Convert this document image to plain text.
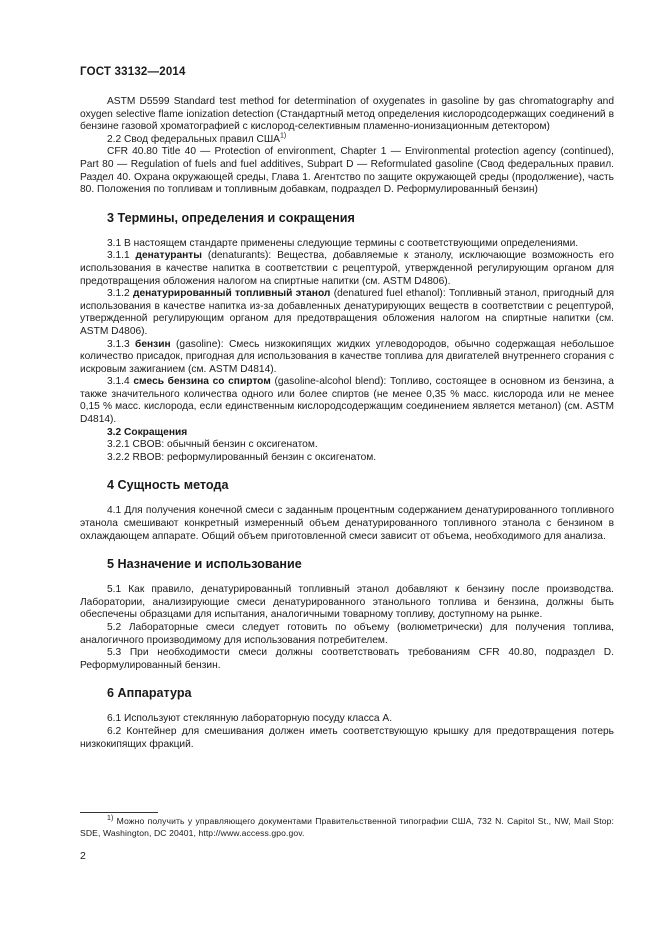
ГОСТ 33132—2014

ASTM D5599 Standard test method for determination of oxygenates in gasoline by gas chromatography and oxygen selective flame ionization detection (Стандартный метод определения кислородсодержащих соединений в бензине газовой хроматографией с кислород-селективным пламенно-ионизационным детектором)

2.2 Свод федеральных правил США$^{1)}$

CFR 40.80 Title 40 — Protection of environment, Chapter 1 — Environmental protection agency (continued), Part 80 — Regulation of fuels and fuel additives, Subpart D — Reformulated gasoline (Свод федеральных правил. Раздел 40. Охрана окружающей среды, Глава 1. Агентство по защите окружающей среды (продолжение), часть 80. Положения по топливам и топливным добавкам, подраздел D. Реформулированный бензин)

3 Термины, определения и сокращения

3.1 В настоящем стандарте применены следующие термины с соответствующими определениями.

3.1.1 денатуранты (denaturants): Вещества, добавляемые к этанолу, исключающие возможность его использования в качестве напитка в соответствии с рецептурой, утвержденной регулирующим органом для предотвращения обложения налогом на спиртные напитки (см. ASTM D4806).

3.1.2 денатурированный топливный этанол (denatured fuel ethanol): Топливный этанол, пригодный для использования в качестве напитка из-за добавленных денатурирующих веществ в соответствии с рецептурой, утвержденной регулирующим органом для предотвращения обложения налогом на спиртные напитки (см. ASTM D4806).

3.1.3 бензин (gasoline): Смесь низкокипящих жидких углеводородов, обычно содержащая небольшое количество присадок, пригодная для использования в качестве топлива для двигателей внутреннего сгорания с искровым зажиганием (см. ASTM D4814).

3.1.4 смесь бензина со спиртом (gasoline-alcohol blend): Топливо, состоящее в основном из бензина, а также значительного количества одного или более спиртов (не менее 0,35 % масс. кислорода или не менее 0,15 % масс. кислорода, если единственным кислородсодержащим соединением является метанол) (см. ASTM D4814).

3.2 Сокращения

3.2.1 CBOB: обычный бензин с оксигенатом.

3.2.2 RBOB: реформулированный бензин с оксигенатом.

4 Сущность метода

4.1 Для получения конечной смеси с заданным процентным содержанием денатурированного топливного этанола смешивают конкретный измеренный объем денатурированного топливного этанола с бензином в охлаждающем аппарате. Общий объем приготовленной смеси зависит от объема, необходимого для анализа.

5 Назначение и использование

5.1 Как правило, денатурированный топливный этанол добавляют к бензину после производства. Лаборатории, анализирующие смеси денатурированного этанольного топлива и бензина, должны быть обеспечены образцами для испытания, аналогичными товарному топливу, доступному на рынке.

5.2 Лабораторные смеси следует готовить по объему (волюметрически) для получения топлива, аналогичного производимому для использования потребителем.

5.3 При необходимости смеси должны соответствовать требованиям CFR 40.80, подраздел D. Реформулированный бензин.

6 Аппаратура

6.1 Используют стеклянную лабораторную посуду класса А.

6.2 Контейнер для смешивания должен иметь соответствующую крышку для предотвращения потерь низкокипящих фракций.

$^{1)}$ Можно получить у управляющего документами Правительственной типографии США, 732 N. Capitol St., NW, Mail Stop: SDE, Washington, DC 20401, http://www.access.gpo.gov.

2
